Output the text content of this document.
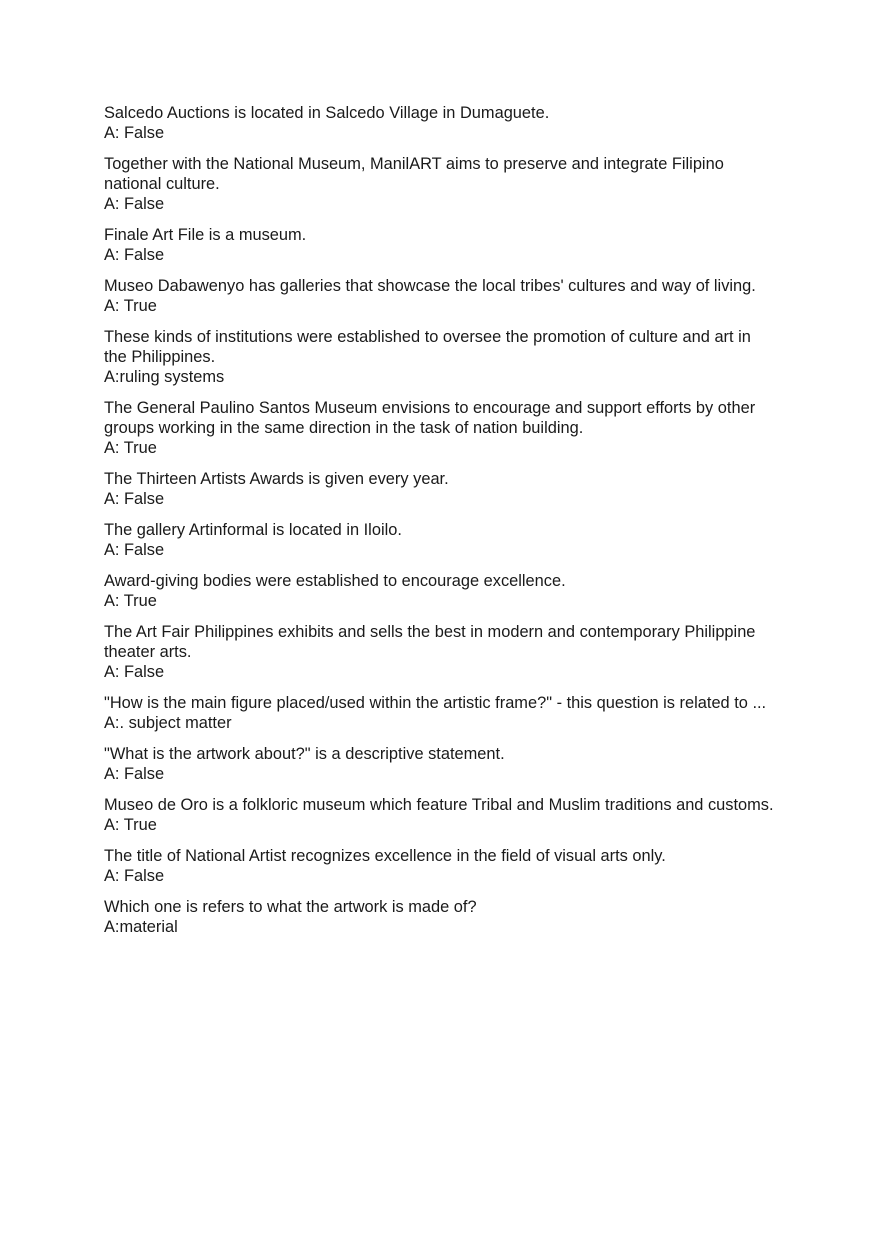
Salcedo Auctions is located in Salcedo Village in Dumaguete.
A: False
Together with the National Museum, ManilART aims to preserve and integrate Filipino national culture.
A: False
Finale Art File is a museum.
A: False
Museo Dabawenyo has galleries that showcase the local tribes' cultures and way of living.
A: True
These kinds of institutions were established to oversee the promotion of culture and art in the Philippines.
A:ruling systems
The General Paulino Santos Museum envisions to encourage and support efforts by other groups working in the same direction in the task of nation building.
A: True
The Thirteen Artists Awards is given every year.
A: False
The gallery Artinformal is located in Iloilo.
A: False
Award-giving bodies were established to encourage excellence.
A: True
The Art Fair Philippines exhibits and sells the best in modern and contemporary Philippine theater arts.
A: False
"How is the main figure placed/used within the artistic frame?" - this question is related to ...
A:. subject matter
"What is the artwork about?" is a descriptive statement.
A: False
Museo de Oro is a folkloric museum which feature Tribal and Muslim traditions and customs.
A: True
The title of National Artist recognizes excellence in the field of visual arts only.
A: False
Which one is refers to what the artwork is made of?
A:material
